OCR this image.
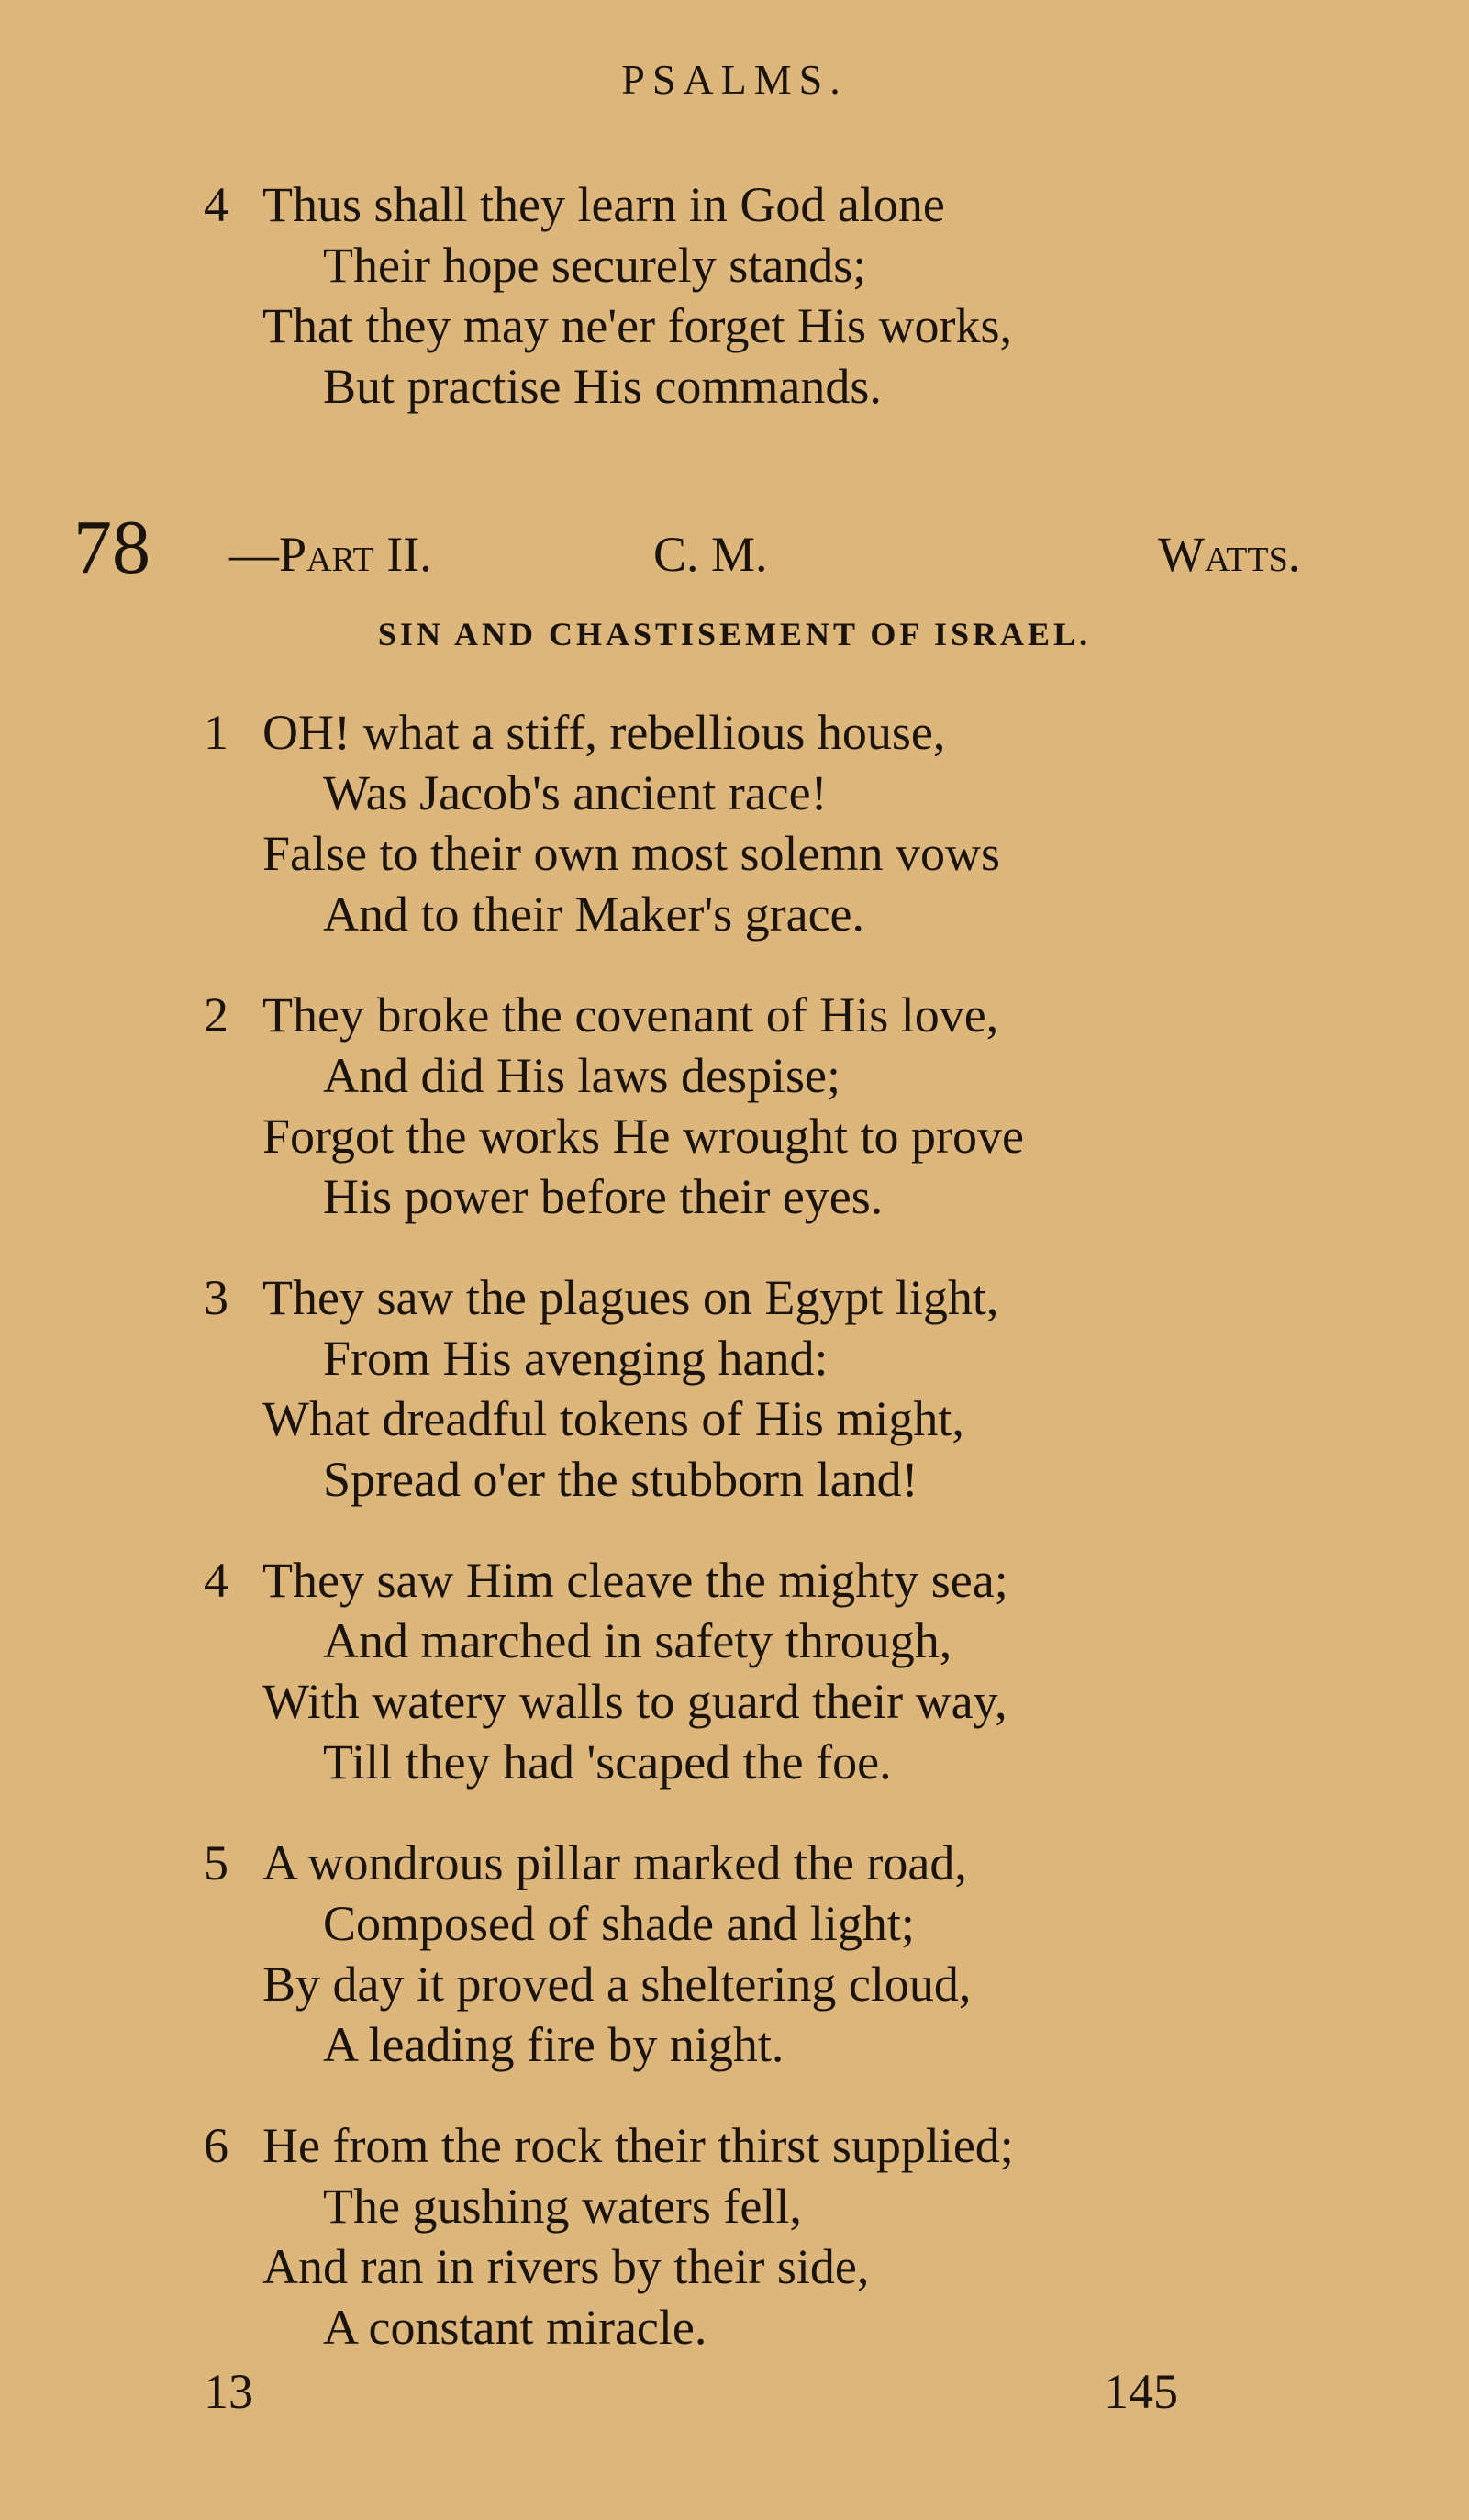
PSALMS.
4 Thus shall they learn in God alone
Their hope securely stands;
That they may ne'er forget His works,
But practise His commands.
78 —Part II.	C. M.	Watts.
SIN AND CHASTISEMENT OF ISRAEL.
1 OH! what a stiff, rebellious house,
Was Jacob's ancient race!
False to their own most solemn vows
And to their Maker's grace.
2 They broke the covenant of His love,
And did His laws despise;
Forgot the works He wrought to prove
His power before their eyes.
3 They saw the plagues on Egypt light,
From His avenging hand:
What dreadful tokens of His might,
Spread o'er the stubborn land!
4 They saw Him cleave the mighty sea;
And marched in safety through,
With watery walls to guard their way,
Till they had 'scaped the foe.
5 A wondrous pillar marked the road,
Composed of shade and light;
By day it proved a sheltering cloud,
A leading fire by night.
6 He from the rock their thirst supplied;
The gushing waters fell,
And ran in rivers by their side,
A constant miracle.
13	145
